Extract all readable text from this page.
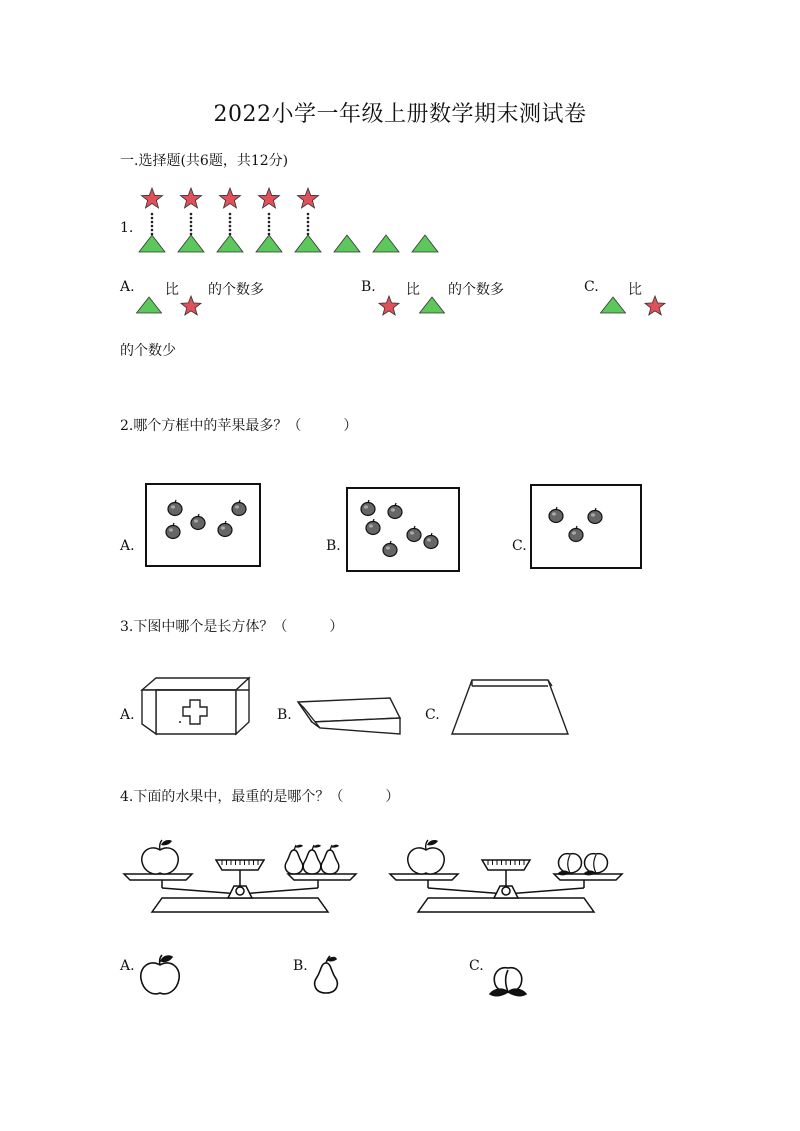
2022小学一年级上册数学期末测试卷
一.选择题(共6题，共12分)
1.
A. 比 的个数多	B. 比 的个数多	C. 比
的个数少
2.哪个方框中的苹果最多？（　　　）
A.	B.	C.
3.下图中哪个是长方体？（　　　）
A.	B.	C.
4.下面的水果中，最重的是哪个？（　　　）
A.	B.	C.
